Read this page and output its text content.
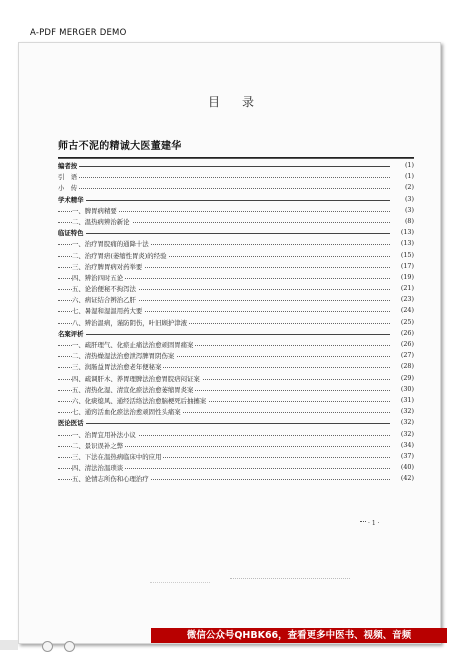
A-PDF MERGER DEMO
目录
师古不泥的精诚大医董建华
编者按	(1)
引　语	(1)
小　传	(2)
学术精华	(3)
一、脾胃病精要	(3)
二、温热病辨治新论	(8)
临证特色	(13)
一、治疗胃脘痛的通降十法	(13)
二、治疗胃痞(萎缩性胃炎)的经验	(15)
三、治疗脾胃病对药举要	(17)
四、辨治四时五论	(19)
五、论治便秘不拘泻法	(21)
六、病证结合辨治乙肝	(23)
七、暑湿和湿温用药大要	(24)
八、辨治温病，谨防阴伤，叶旧顾护津液	(25)
名案评析	(26)
一、疏肝理气、化瘀止痛法治愈顽固胃痛案	(26)
二、清热燥湿法治愈泄泻脾胃阴伤案	(27)
三、润肠益胃法治愈老年便秘案	(28)
四、疏调肝木、养胃理脾法治愈胃脘痞闷证案	(29)
五、清热化湿、清宣化瘀法治愈萎缩胃炎案	(30)
六、化痰熄风、通经活络法治愈脑梗死后抽搐案	(31)
七、通窍活血化瘀法治愈顽固性头痛案	(32)
医论医话	(32)
一、治胃宜用补法小议	(32)
二、景识误补之弊	(34)
三、下法在温热病临床中的应用	(37)
四、清法治温琐谈	(40)
五、论情志所伤和心理治疗	(42)
· 1 ·
微信公众号QHBK66，查看更多中医书、视频、音频
